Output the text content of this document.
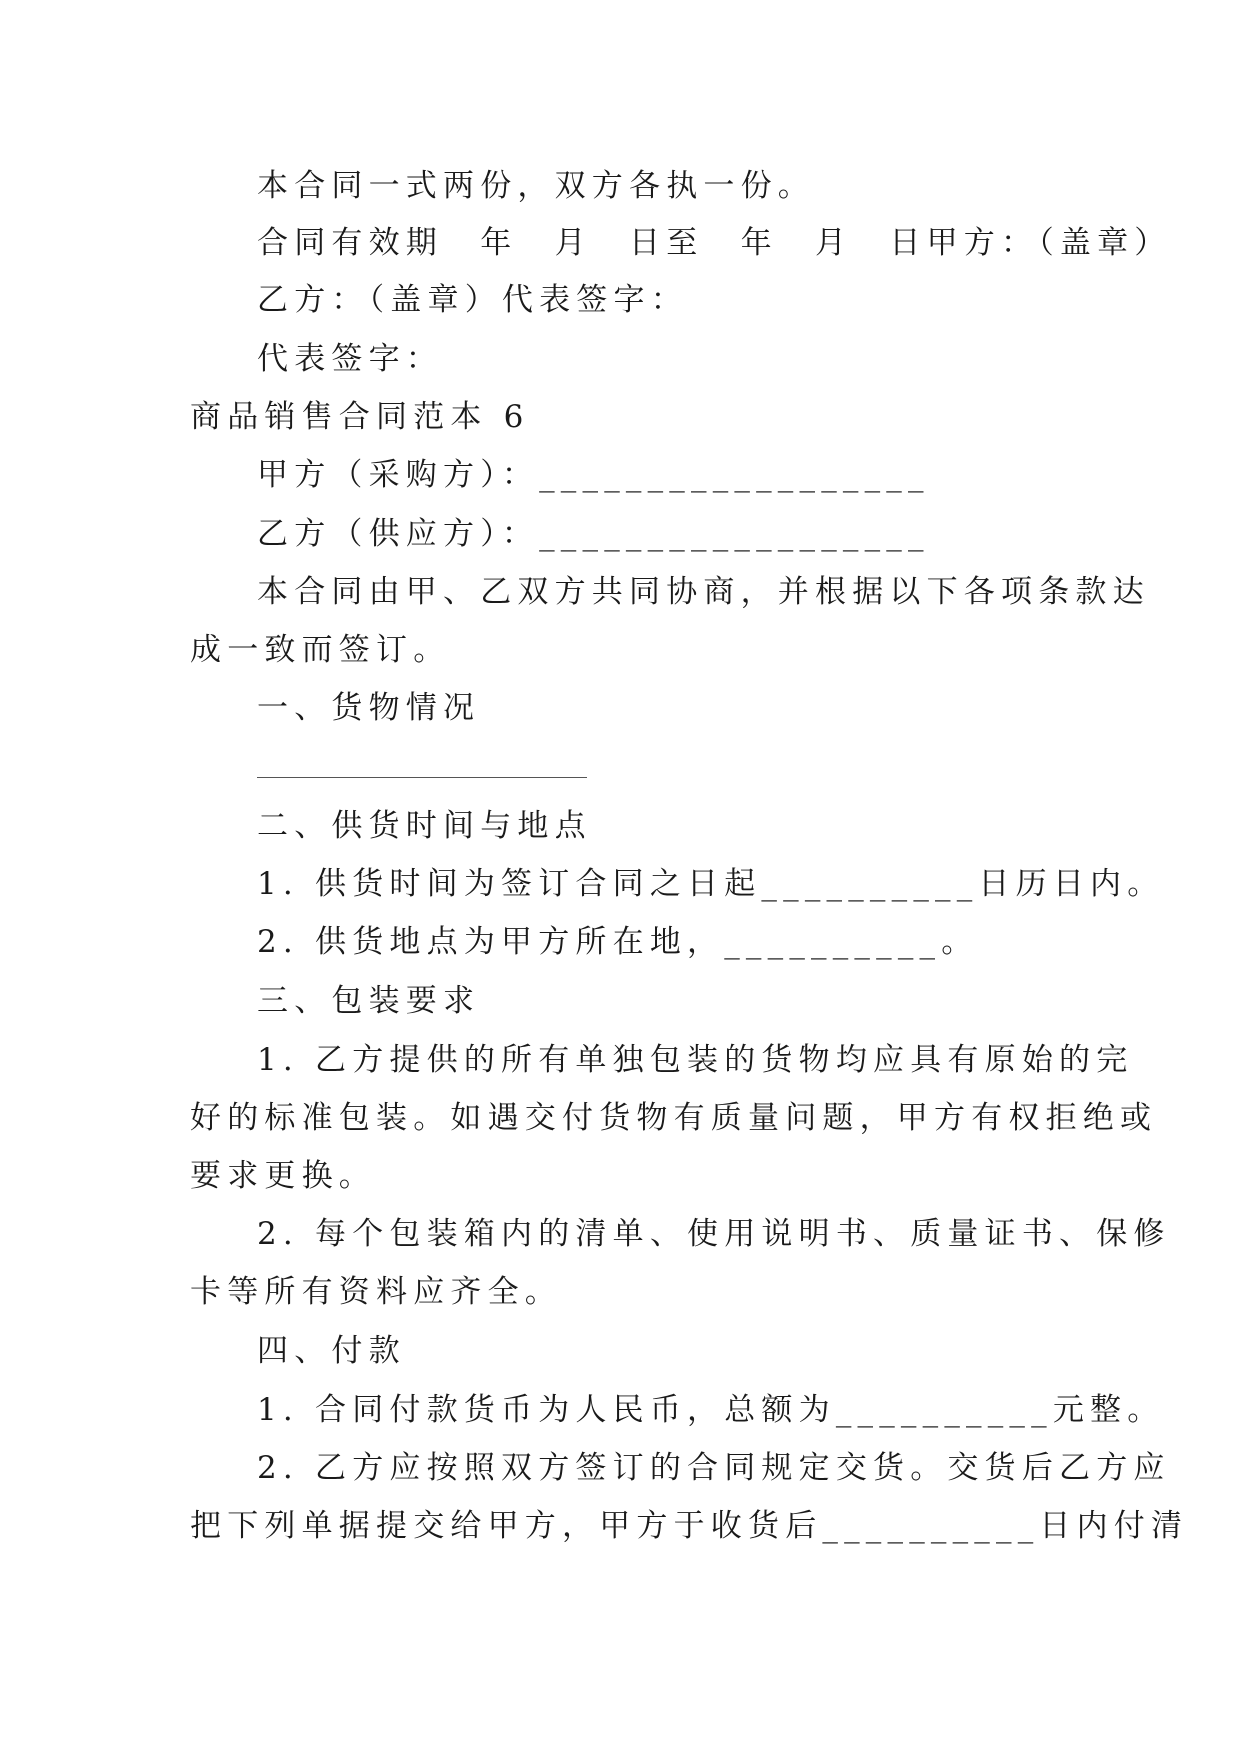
本合同一式两份，双方各执一份。
合同有效期　年　月　日至　年　月　日甲方：（盖章）
乙方：（盖章）代表签字：
代表签字：
商品销售合同范本 6
甲方（采购方）：__________________
乙方（供应方）：__________________
本合同由甲、乙双方共同协商，并根据以下各项条款达
成一致而签订。
一、货物情况
二、供货时间与地点
1. 供货时间为签订合同之日起__________日历日内。
2. 供货地点为甲方所在地，__________。
三、包装要求
1. 乙方提供的所有单独包装的货物均应具有原始的完
好的标准包装。如遇交付货物有质量问题，甲方有权拒绝或
要求更换。
2. 每个包装箱内的清单、使用说明书、质量证书、保修
卡等所有资料应齐全。
四、付款
1. 合同付款货币为人民币，总额为__________元整。
2. 乙方应按照双方签订的合同规定交货。交货后乙方应
把下列单据提交给甲方，甲方于收货后__________日内付清
